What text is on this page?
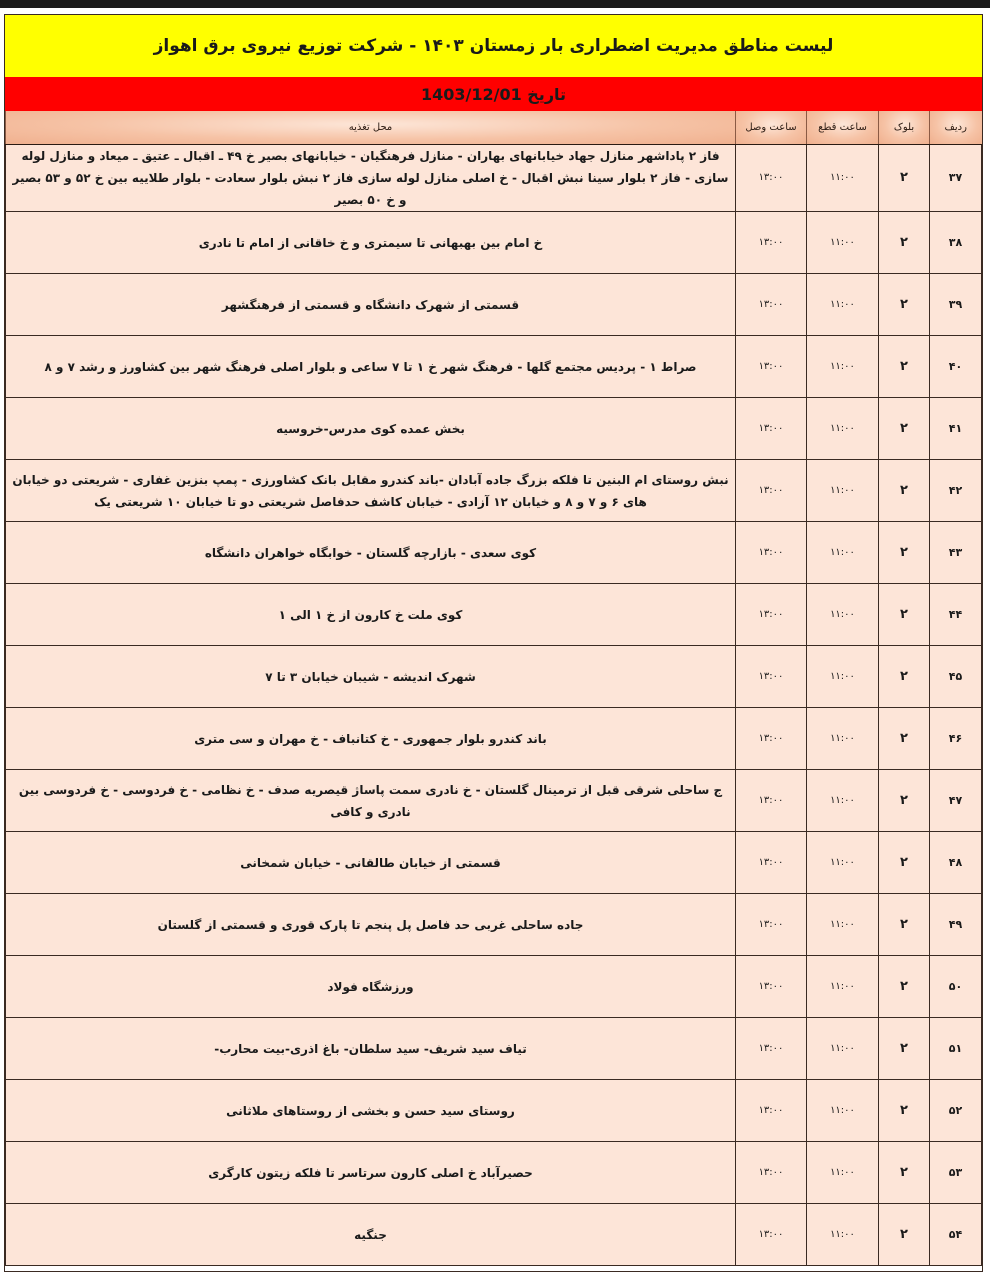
لیست مناطق مدیریت اضطراری بار زمستان ۱۴۰۳ - شرکت توزیع نیروی برق اهواز
تاریخ 1403/12/01
ردیف	بلوک	ساعت قطع	ساعت وصل	محل تغذیه
۳۷	۲	۱۱:۰۰	۱۳:۰۰	فاز ۲ پاداشهر منازل جهاد خیابانهای بهاران - منازل فرهنگیان - خیابانهای بصیر خ ۴۹ ـ اقبال ـ عتیق ـ میعاد و منازل لوله سازی - فاز ۲ بلوار سینا نبش اقبال - خ اصلی منازل لوله سازی فاز ۲ نبش بلوار سعادت - بلوار طلاییه بین خ ۵۲ و ۵۳ بصیر و خ ۵۰ بصیر
۳۸	۲	۱۱:۰۰	۱۳:۰۰	خ امام بین بهبهانی تا سیمتری و خ خاقانی از امام تا نادری
۳۹	۲	۱۱:۰۰	۱۳:۰۰	قسمتی از شهرک دانشگاه و قسمتی از فرهنگشهر
۴۰	۲	۱۱:۰۰	۱۳:۰۰	صراط ۱ - پردیس مجتمع گلها - فرهنگ شهر خ ۱ تا ۷ ساعی و بلوار اصلی فرهنگ شهر بین کشاورز و رشد ۷ و ۸
۴۱	۲	۱۱:۰۰	۱۳:۰۰	بخش عمده کوی مدرس-خروسیه
۴۲	۲	۱۱:۰۰	۱۳:۰۰	نبش روستای ام البنین تا فلکه بزرگ جاده آبادان -باند کندرو مقابل بانک کشاورزی - پمپ بنزین غفاری - شریعتی دو خیابان های ۶ و ۷ و ۸ و خیابان ۱۲ آزادی - خیابان کاشف حدفاصل شریعتی دو تا خیابان ۱۰ شریعتی یک
۴۳	۲	۱۱:۰۰	۱۳:۰۰	کوی سعدی - بازارچه گلستان - خوابگاه خواهران دانشگاه
۴۴	۲	۱۱:۰۰	۱۳:۰۰	کوی ملت خ کارون از خ ۱ الی ۱
۴۵	۲	۱۱:۰۰	۱۳:۰۰	شهرک اندیشه - شیبان خیابان ۳ تا ۷
۴۶	۲	۱۱:۰۰	۱۳:۰۰	باند کندرو بلوار جمهوری - خ کتانباف - خ مهران و سی متری
۴۷	۲	۱۱:۰۰	۱۳:۰۰	ج ساحلی شرقی قبل از ترمینال گلستان - خ نادری سمت پاساژ قیصریه صدف - خ نظامی - خ فردوسی - خ فردوسی بین نادری و کافی
۴۸	۲	۱۱:۰۰	۱۳:۰۰	قسمتی از خیابان طالقانی - خیابان شمخانی
۴۹	۲	۱۱:۰۰	۱۳:۰۰	جاده ساحلی غربی حد فاصل پل پنجم تا پارک قوری و قسمتی از گلستان
۵۰	۲	۱۱:۰۰	۱۳:۰۰	ورزشگاه فولاد
۵۱	۲	۱۱:۰۰	۱۳:۰۰	تیاف سید شریف- سید سلطان- باغ اذری-بیت محارب-
۵۲	۲	۱۱:۰۰	۱۳:۰۰	روستای سید حسن و بخشی از روستاهای ملاثانی
۵۳	۲	۱۱:۰۰	۱۳:۰۰	حصیرآباد خ اصلی کارون سرتاسر تا فلکه زیتون کارگری
۵۴	۲	۱۱:۰۰	۱۳:۰۰	جنگیه
